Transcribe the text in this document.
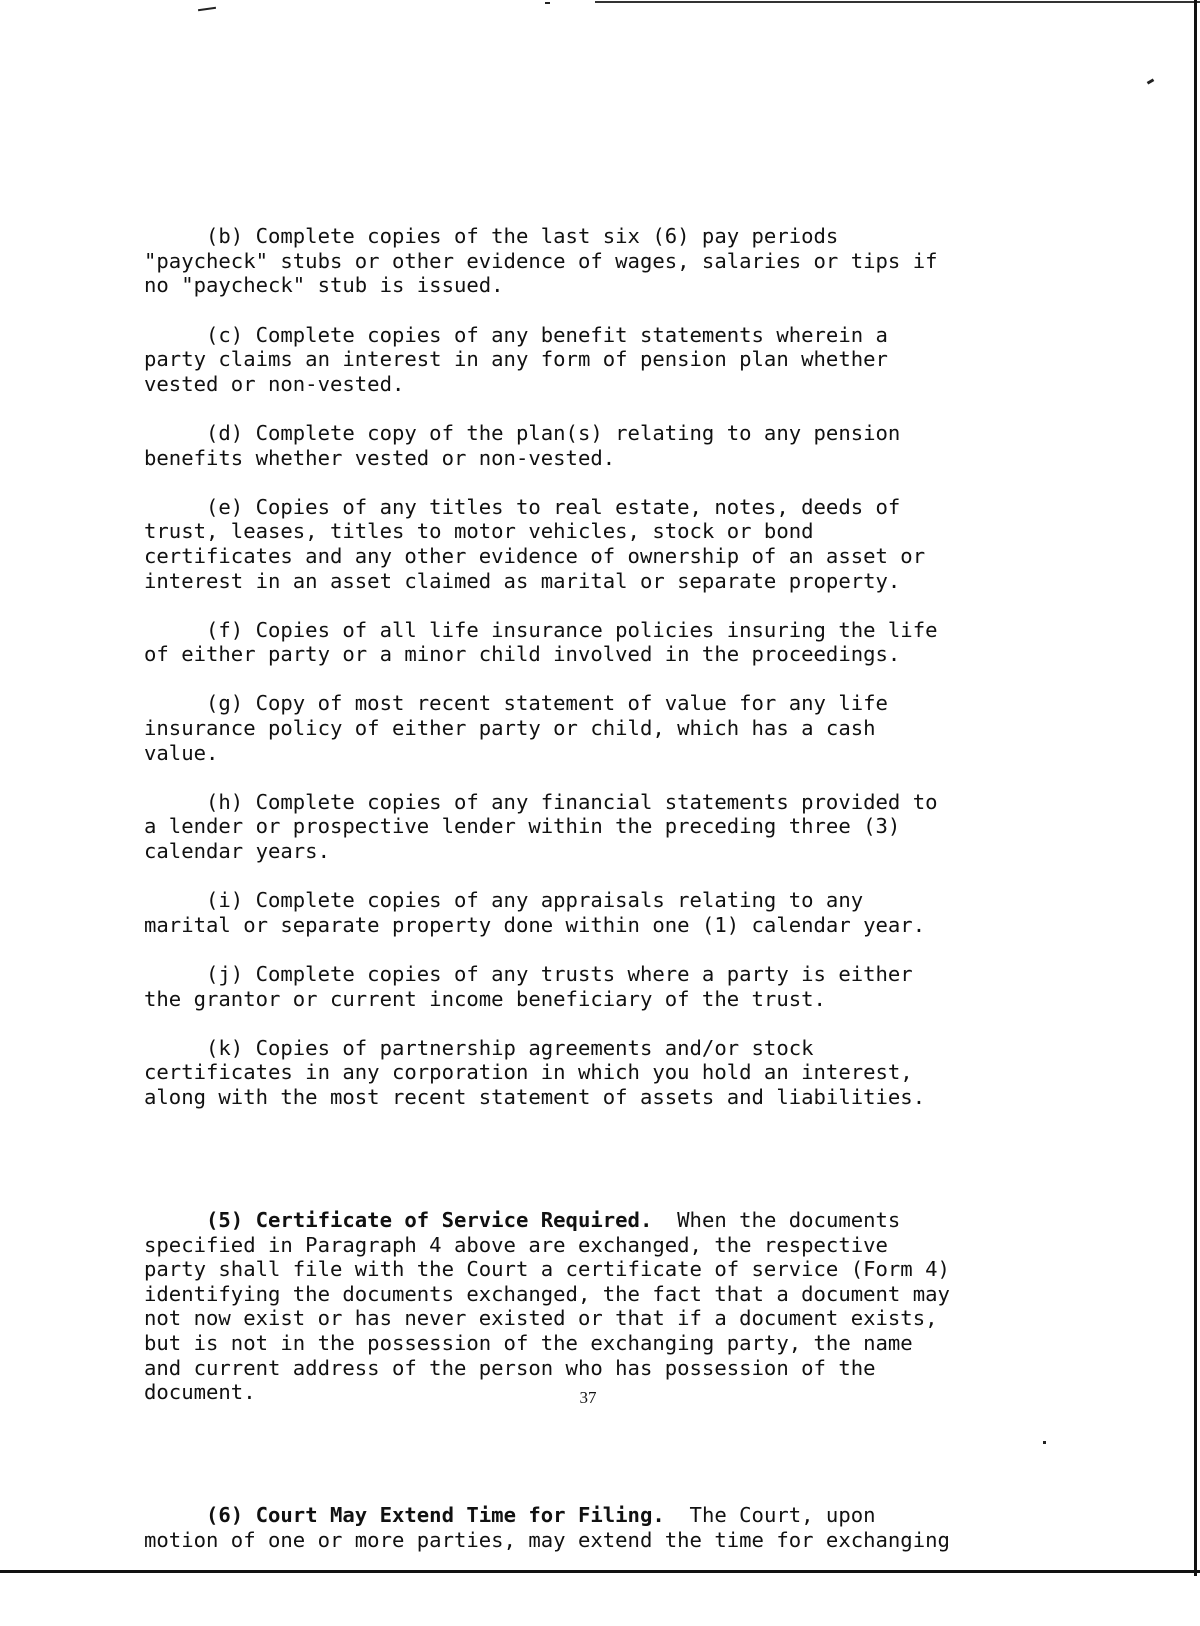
(b) Complete copies of the last six (6) pay periods
"paycheck" stubs or other evidence of wages, salaries or tips if
no "paycheck" stub is issued.
(c) Complete copies of any benefit statements wherein a
party claims an interest in any form of pension plan whether
vested or non-vested.
(d) Complete copy of the plan(s) relating to any pension
benefits whether vested or non-vested.
(e) Copies of any titles to real estate, notes, deeds of
trust, leases, titles to motor vehicles, stock or bond
certificates and any other evidence of ownership of an asset or
interest in an asset claimed as marital or separate property.
(f) Copies of all life insurance policies insuring the life
of either party or a minor child involved in the proceedings.
(g) Copy of most recent statement of value for any life
insurance policy of either party or child, which has a cash
value.
(h) Complete copies of any financial statements provided to
a lender or prospective lender within the preceding three (3)
calendar years.
(i) Complete copies of any appraisals relating to any
marital or separate property done within one (1) calendar year.
(j) Complete copies of any trusts where a party is either
the grantor or current income beneficiary of the trust.
(k) Copies of partnership agreements and/or stock
certificates in any corporation in which you hold an interest,
along with the most recent statement of assets and liabilities.

(5) Certificate of Service Required.  When the documents
specified in Paragraph 4 above are exchanged, the respective
party shall file with the Court a certificate of service (Form 4)
identifying the documents exchanged, the fact that a document may
not now exist or has never existed or that if a document exists,
but is not in the possession of the exchanging party, the name
and current address of the person who has possession of the
document.

(6) Court May Extend Time for Filing.  The Court, upon
motion of one or more parties, may extend the time for exchanging

37
